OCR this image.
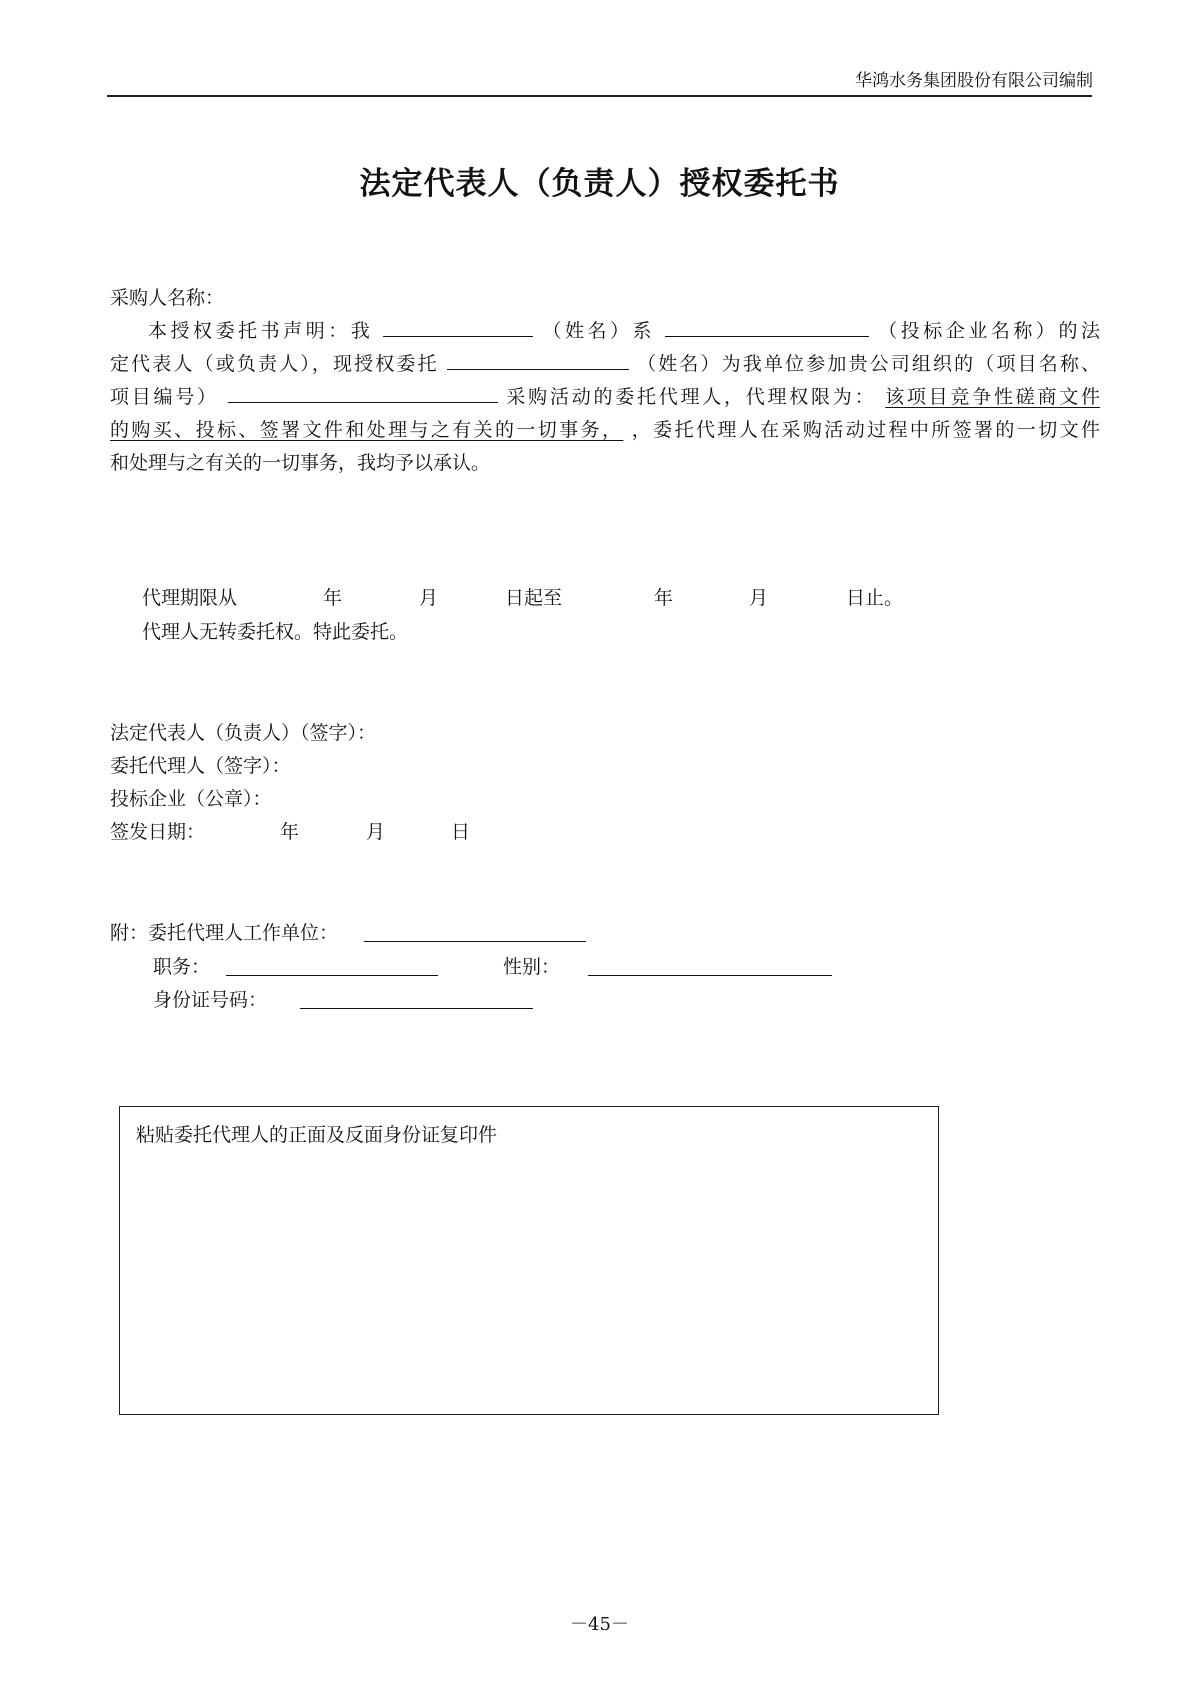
华鸿水务集团股份有限公司编制
法定代表人（负责人）授权委托书
采购人名称：
本授权委托书声明：我	（姓名）系	（投标企业名称）的法
定代表人（或负责人），现授权委托	（姓名）为我单位参加贵公司组织的（项目名称、
项目编号）	采购活动的委托代理人，代理权限为： 该项目竞争性磋商文件
的购买、投标、签署文件和处理与之有关的一切事务， ，委托代理人在采购活动过程中所签署的一切文件
和处理与之有关的一切事务，我均予以承认。
代理期限从	年	月	日起至	年	月	日止。
代理人无转委托权。特此委托。
法定代表人（负责人）（签字）：
委托代理人（签字）：
投标企业（公章）：
签发日期：	年	月	日
附：委托代理人工作单位：
职务：	性别：
身份证号码：
粘贴委托代理人的正面及反面身份证复印件
－45－
